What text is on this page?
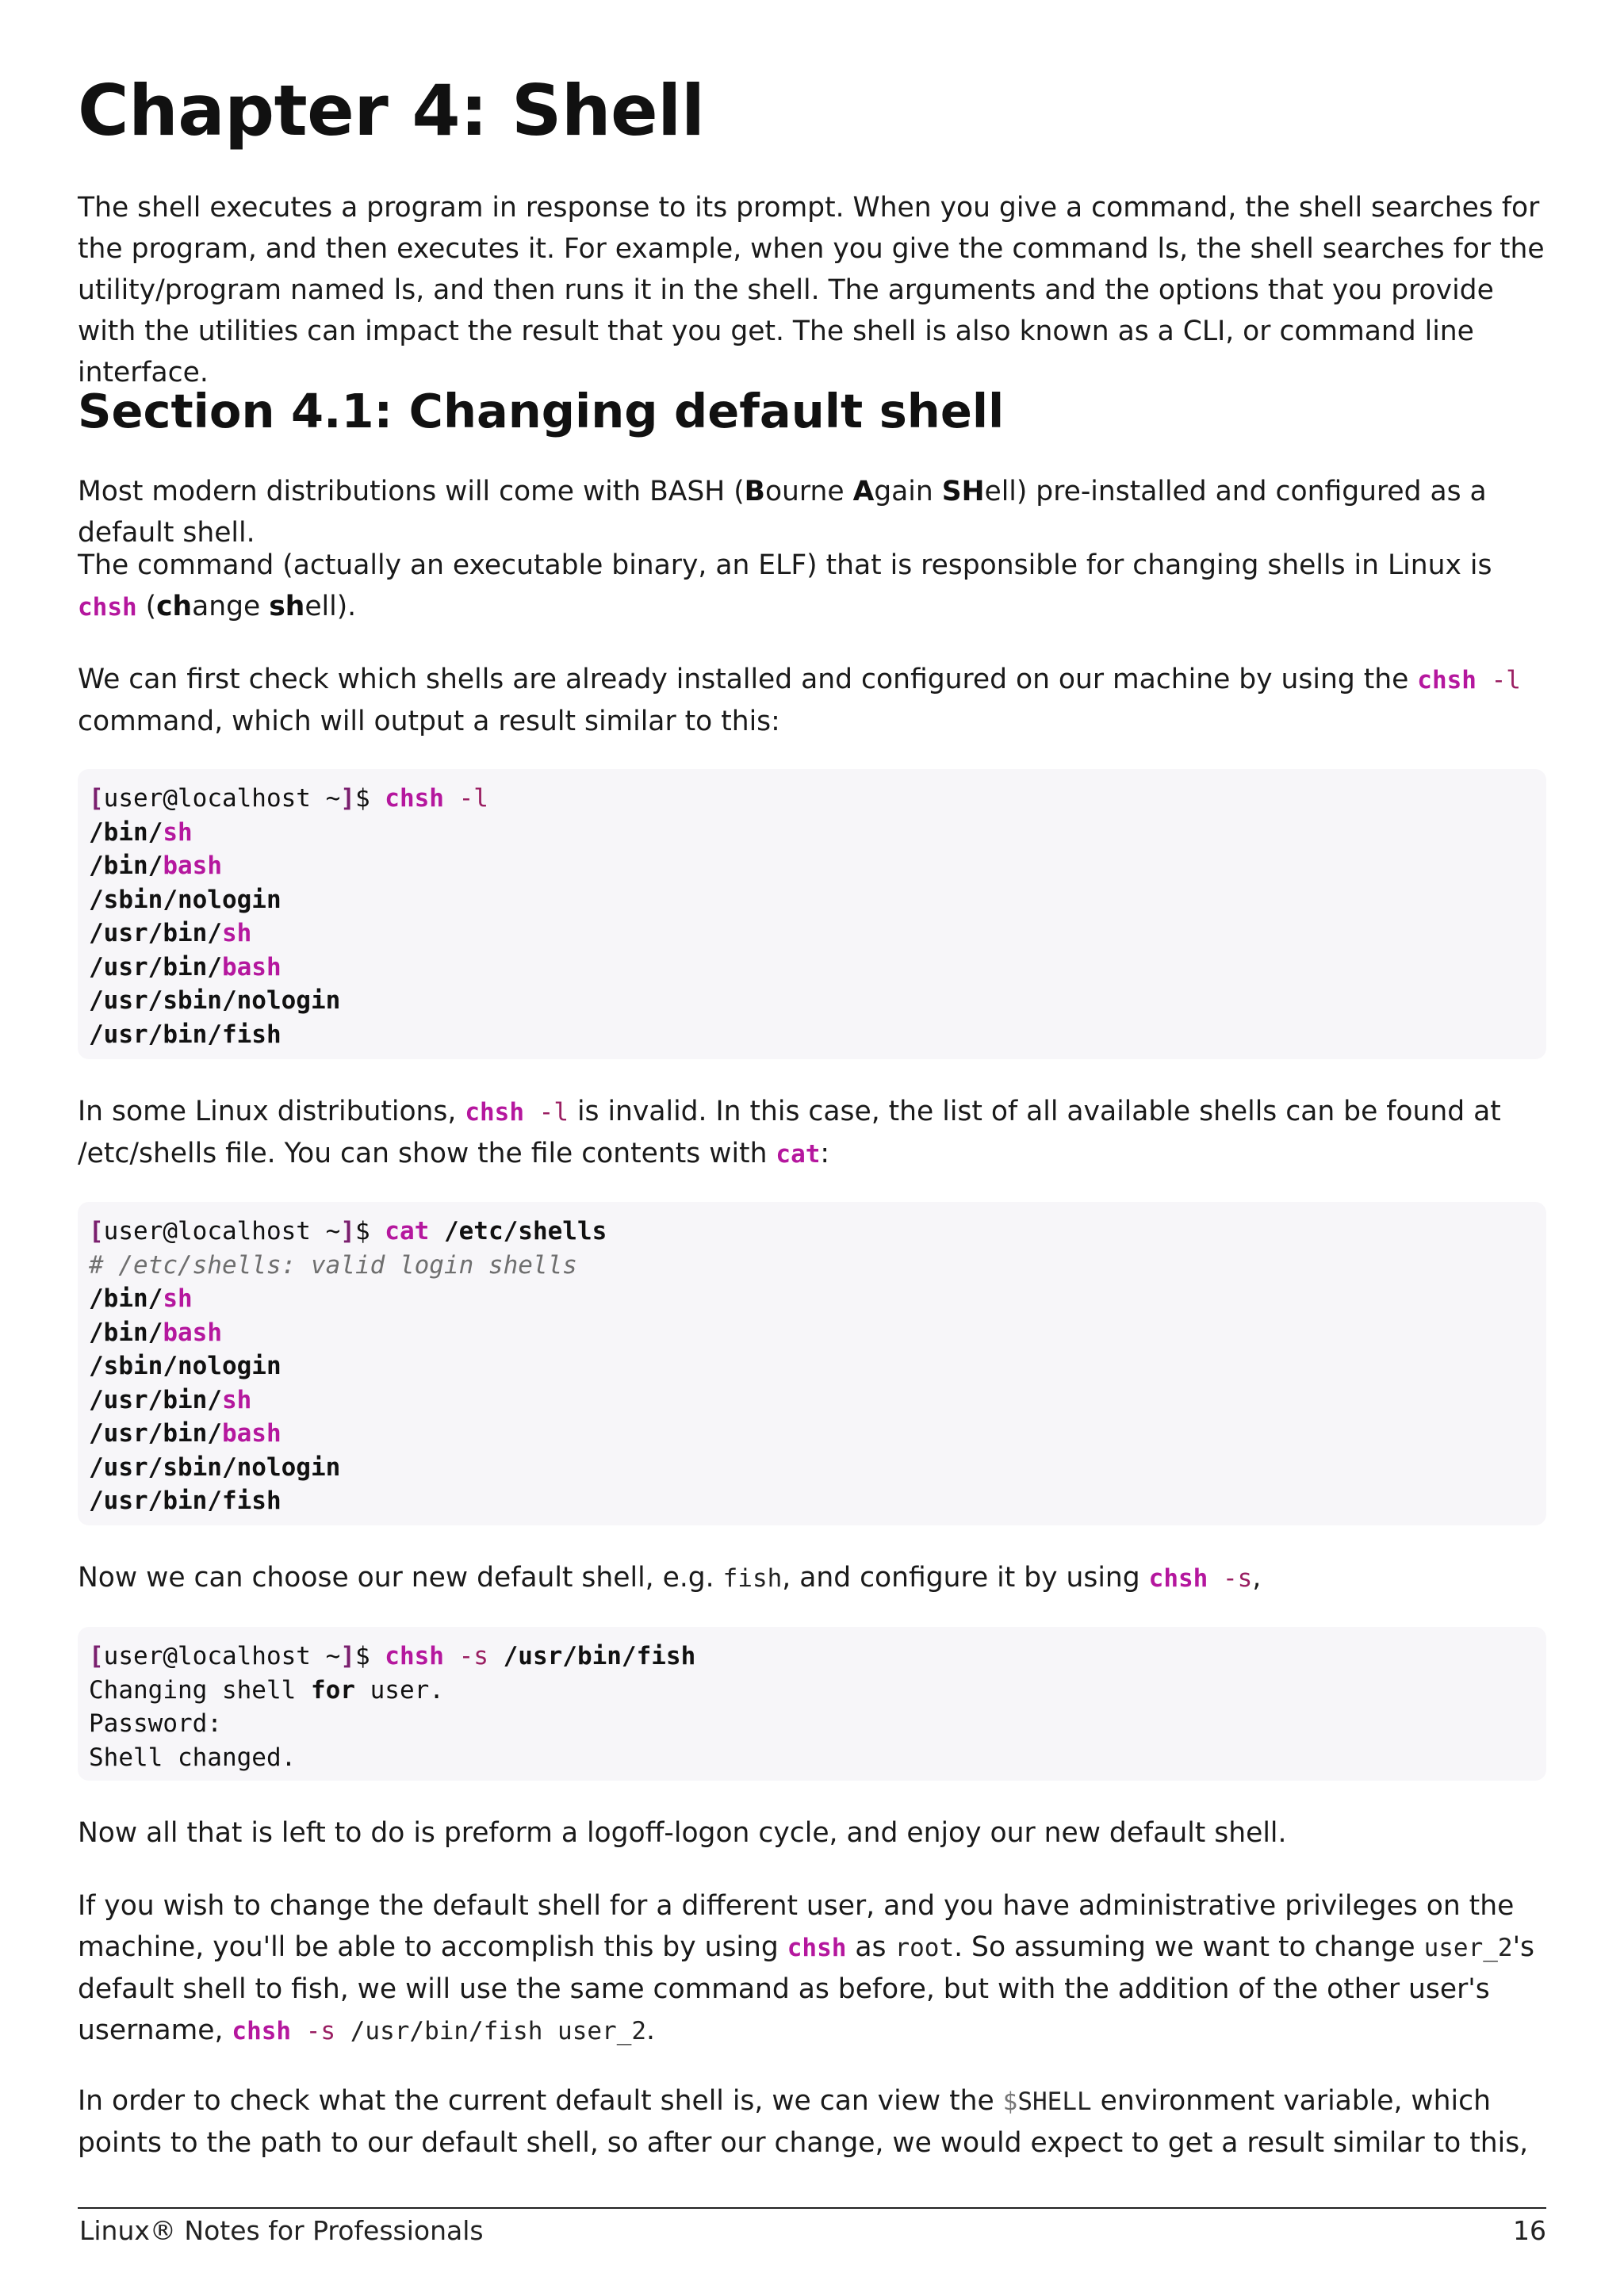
Chapter 4: Shell

The shell executes a program in response to its prompt. When you give a command, the shell searches for the program, and then executes it. For example, when you give the command ls, the shell searches for the utility/program named ls, and then runs it in the shell. The arguments and the options that you provide with the utilities can impact the result that you get. The shell is also known as a CLI, or command line interface.

Section 4.1: Changing default shell

Most modern distributions will come with BASH (Bourne Again SHell) pre-installed and configured as a default shell.

The command (actually an executable binary, an ELF) that is responsible for changing shells in Linux is chsh (change shell).

We can first check which shells are already installed and configured on our machine by using the chsh -l command, which will output a result similar to this:

[user@localhost ~]$ chsh -l
/bin/sh
/bin/bash
/sbin/nologin
/usr/bin/sh
/usr/bin/bash
/usr/sbin/nologin
/usr/bin/fish

In some Linux distributions, chsh -l is invalid. In this case, the list of all available shells can be found at /etc/shells file. You can show the file contents with cat:

[user@localhost ~]$ cat /etc/shells
# /etc/shells: valid login shells
/bin/sh
/bin/bash
/sbin/nologin
/usr/bin/sh
/usr/bin/bash
/usr/sbin/nologin
/usr/bin/fish

Now we can choose our new default shell, e.g. fish, and configure it by using chsh -s,

[user@localhost ~]$ chsh -s /usr/bin/fish
Changing shell for user.
Password:
Shell changed.

Now all that is left to do is preform a logoff-logon cycle, and enjoy our new default shell.

If you wish to change the default shell for a different user, and you have administrative privileges on the machine, you'll be able to accomplish this by using chsh as root. So assuming we want to change user_2's default shell to fish, we will use the same command as before, but with the addition of the other user's username, chsh -s /usr/bin/fish user_2.

In order to check what the current default shell is, we can view the $SHELL environment variable, which points to the path to our default shell, so after our change, we would expect to get a result similar to this,

Linux® Notes for Professionals	16
